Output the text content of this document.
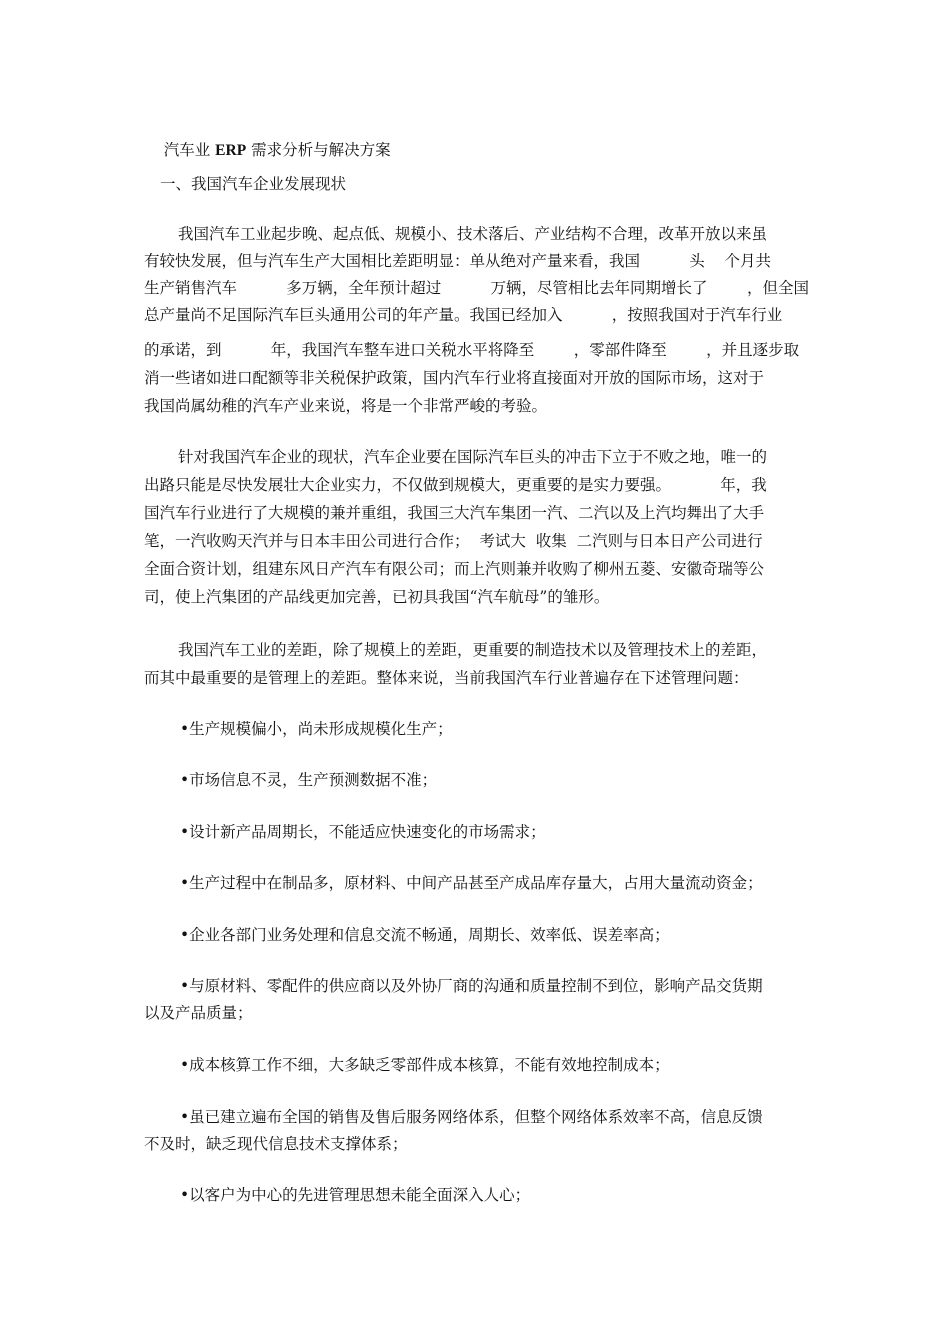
汽车业 ERP 需求分析与解决方案

一、我国汽车企业发展现状
我国汽车工业起步晚、起点低、规模小、技术落后、产业结构不合理，改革开放以来虽
有较快发展，但与汽车生产大国相比差距明显：单从绝对产量来看，我国          头    个月共
生产销售汽车          多万辆，全年预计超过          万辆，尽管相比去年同期增长了        ，但全国
总产量尚不足国际汽车巨头通用公司的年产量。我国已经加入          ，按照我国对于汽车行业
的承诺，到          年，我国汽车整车进口关税水平将降至        ，零部件降至        ，并且逐步取
消一些诸如进口配额等非关税保护政策，国内汽车行业将直接面对开放的国际市场，这对于
我国尚属幼稚的汽车产业来说，将是一个非常严峻的考验。
针对我国汽车企业的现状，汽车企业要在国际汽车巨头的冲击下立于不败之地，唯一的
出路只能是尽快发展壮大企业实力，不仅做到规模大，更重要的是实力要强。          年，我
国汽车行业进行了大规模的兼并重组，我国三大汽车集团一汽、二汽以及上汽均舞出了大手
笔，一汽收购天汽并与日本丰田公司进行合作；  考试大  收集  二汽则与日本日产公司进行
全面合资计划，组建东风日产汽车有限公司；而上汽则兼并收购了柳州五菱、安徽奇瑞等公
司，使上汽集团的产品线更加完善，已初具我国“汽车航母”的雏形。
我国汽车工业的差距，除了规模上的差距，更重要的制造技术以及管理技术上的差距，
而其中最重要的是管理上的差距。整体来说，当前我国汽车行业普遍存在下述管理问题：
•生产规模偏小，尚未形成规模化生产；
•市场信息不灵，生产预测数据不准；
•设计新产品周期长，不能适应快速变化的市场需求；
•生产过程中在制品多，原材料、中间产品甚至产成品库存量大，占用大量流动资金；
•企业各部门业务处理和信息交流不畅通，周期长、效率低、误差率高；
•与原材料、零配件的供应商以及外协厂商的沟通和质量控制不到位，影响产品交货期
以及产品质量；
•成本核算工作不细，大多缺乏零部件成本核算，不能有效地控制成本；
•虽已建立遍布全国的销售及售后服务网络体系，但整个网络体系效率不高，信息反馈
不及时，缺乏现代信息技术支撑体系；
•以客户为中心的先进管理思想未能全面深入人心；
